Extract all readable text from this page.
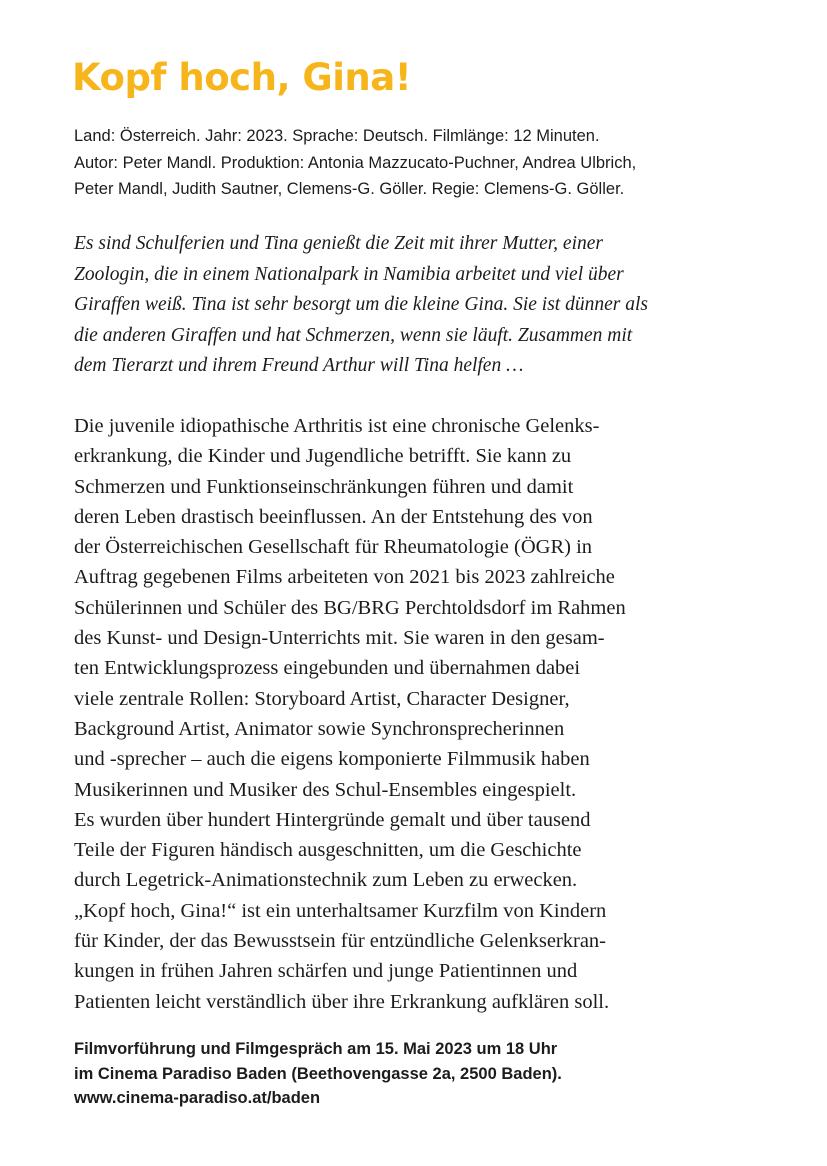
Kopf hoch, Gina!
Land: Österreich. Jahr: 2023. Sprache: Deutsch. Filmlänge: 12 Minuten.
Autor: Peter Mandl. Produktion: Antonia Mazzucato-Puchner, Andrea Ulbrich,
Peter Mandl, Judith Sautner, Clemens-G. Göller. Regie: Clemens-G. Göller.
Es sind Schulferien und Tina genießt die Zeit mit ihrer Mutter, einer
Zoologin, die in einem Nationalpark in Namibia arbeitet und viel über
Giraffen weiß. Tina ist sehr besorgt um die kleine Gina. Sie ist dünner als
die anderen Giraffen und hat Schmerzen, wenn sie läuft. Zusammen mit
dem Tierarzt und ihrem Freund Arthur will Tina helfen …
Die juvenile idiopathische Arthritis ist eine chronische Gelenks-
erkrankung, die Kinder und Jugendliche betrifft. Sie kann zu
Schmerzen und Funktionseinschränkungen führen und damit
deren Leben drastisch beeinflussen. An der Entstehung des von
der Österreichischen Gesellschaft für Rheumatologie (ÖGR) in
Auftrag gegebenen Films arbeiteten von 2021 bis 2023 zahlreiche
Schülerinnen und Schüler des BG/BRG Perchtoldsdorf im Rahmen
des Kunst- und Design-Unterrichts mit. Sie waren in den gesam-
ten Entwicklungsprozess eingebunden und übernahmen dabei
viele zentrale Rollen: Storyboard Artist, Character Designer,
Background Artist, Animator sowie Synchronsprecherinnen
und -sprecher – auch die eigens komponierte Filmmusik haben
Musikerinnen und Musiker des Schul-Ensembles eingespielt.
Es wurden über hundert Hintergründe gemalt und über tausend
Teile der Figuren händisch ausgeschnitten, um die Geschichte
durch Legetrick-Animationstechnik zum Leben zu erwecken.
„Kopf hoch, Gina!“ ist ein unterhaltsamer Kurzfilm von Kindern
für Kinder, der das Bewusstsein für entzündliche Gelenkserkran-
kungen in frühen Jahren schärfen und junge Patientinnen und
Patienten leicht verständlich über ihre Erkrankung aufklären soll.
Filmvorführung und Filmgespräch am 15. Mai 2023 um 18 Uhr
im Cinema Paradiso Baden (Beethovengasse 2a, 2500 Baden).
www.cinema-paradiso.at/baden
